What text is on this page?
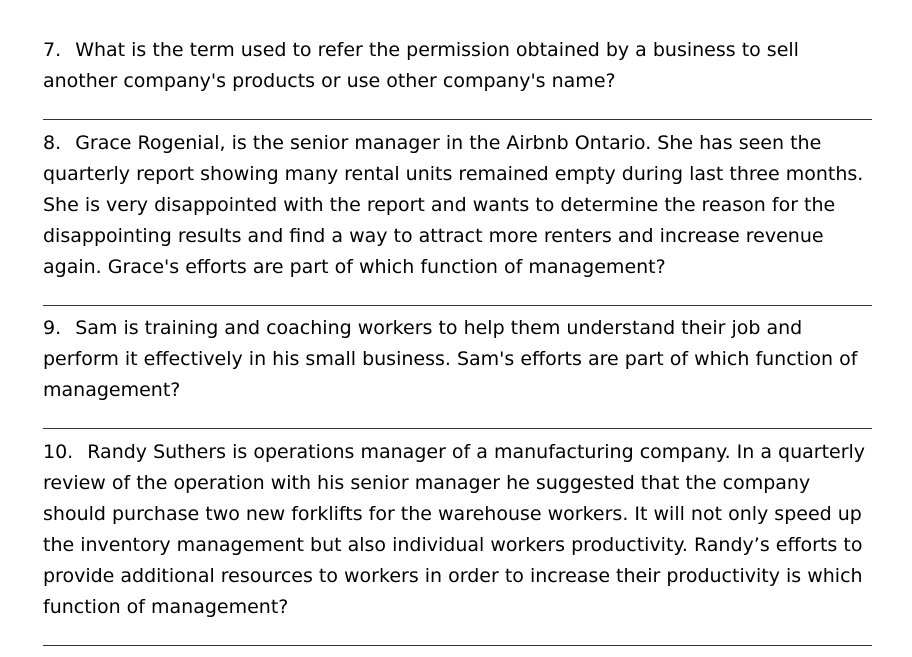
7. What is the term used to refer the permission obtained by a business to sell another company's products or use other company's name?
8. Grace Rogenial, is the senior manager in the Airbnb Ontario. She has seen the quarterly report showing many rental units remained empty during last three months. She is very disappointed with the report and wants to determine the reason for the disappointing results and find a way to attract more renters and increase revenue again. Grace's efforts are part of which function of management?
9. Sam is training and coaching workers to help them understand their job and perform it effectively in his small business. Sam's efforts are part of which function of management?
10. Randy Suthers is operations manager of a manufacturing company. In a quarterly review of the operation with his senior manager he suggested that the company should purchase two new forklifts for the warehouse workers. It will not only speed up the inventory management but also individual workers productivity. Randy’s efforts to provide additional resources to workers in order to increase their productivity is which function of management?
